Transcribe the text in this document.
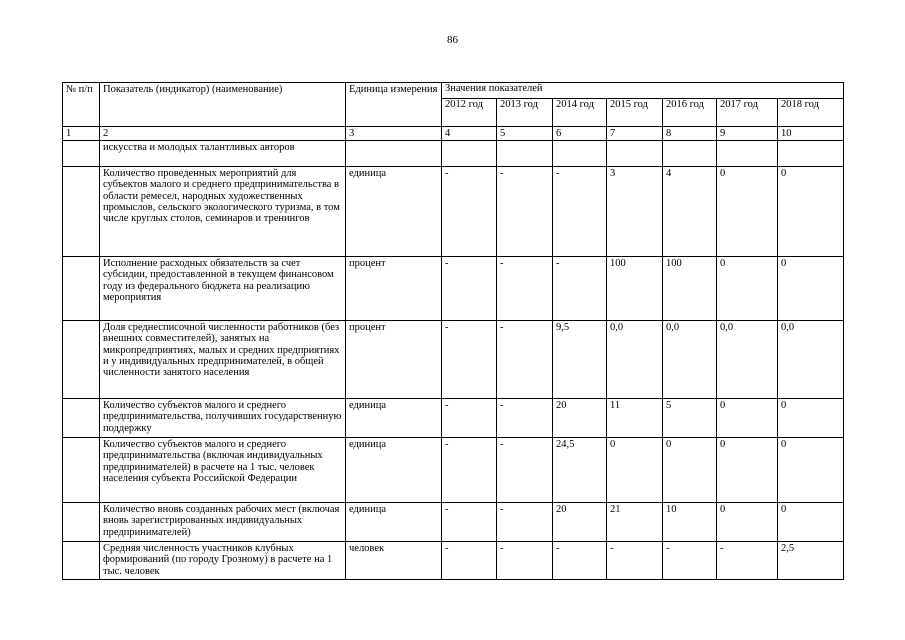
86
№ п/п	Показатель (индикатор) (наименование)	Единица измерения	Значения показателей						
			2012 год	2013 год	2014 год	2015 год	2016 год	2017 год	2018 год
1	2	3	4	5	6	7	8	9	10
	искусства и молодых талантливых авторов								
	Количество проведенных мероприятий для субъектов малого и среднего предпринимательства в области ремесел, народных художественных промыслов, сельского экологического туризма, в том числе круглых столов, семинаров и тренингов	единица	-	-	-	3	4	0	0
	Исполнение расходных обязательств за счет субсидии, предоставленной в текущем финансовом году из федерального бюджета на реализацию мероприятия	процент	-	-	-	100	100	0	0
	Доля среднесписочной численности работников (без внешних совместителей), занятых на микропредприятиях, малых и средних предприятиях и у индивидуальных предпринимателей, в общей численности занятого населения	процент	-	-	9,5	0,0	0,0	0,0	0,0
	Количество субъектов малого и среднего предпринимательства, получивших государственную поддержку	единица	-	-	20	11	5	0	0
	Количество субъектов малого и среднего предпринимательства (включая индивидуальных предпринимателей) в расчете на 1 тыс. человек населения субъекта Российской Федерации	единица	-	-	24,5	0	0	0	0
	Количество вновь созданных рабочих мест (включая вновь зарегистрированных индивидуальных предпринимателей)	единица	-	-	20	21	10	0	0
	Средняя численность участников клубных формирований (по городу Грозному) в расчете на 1 тыс. человек	человек	-	-	-	-	-	-	2,5
